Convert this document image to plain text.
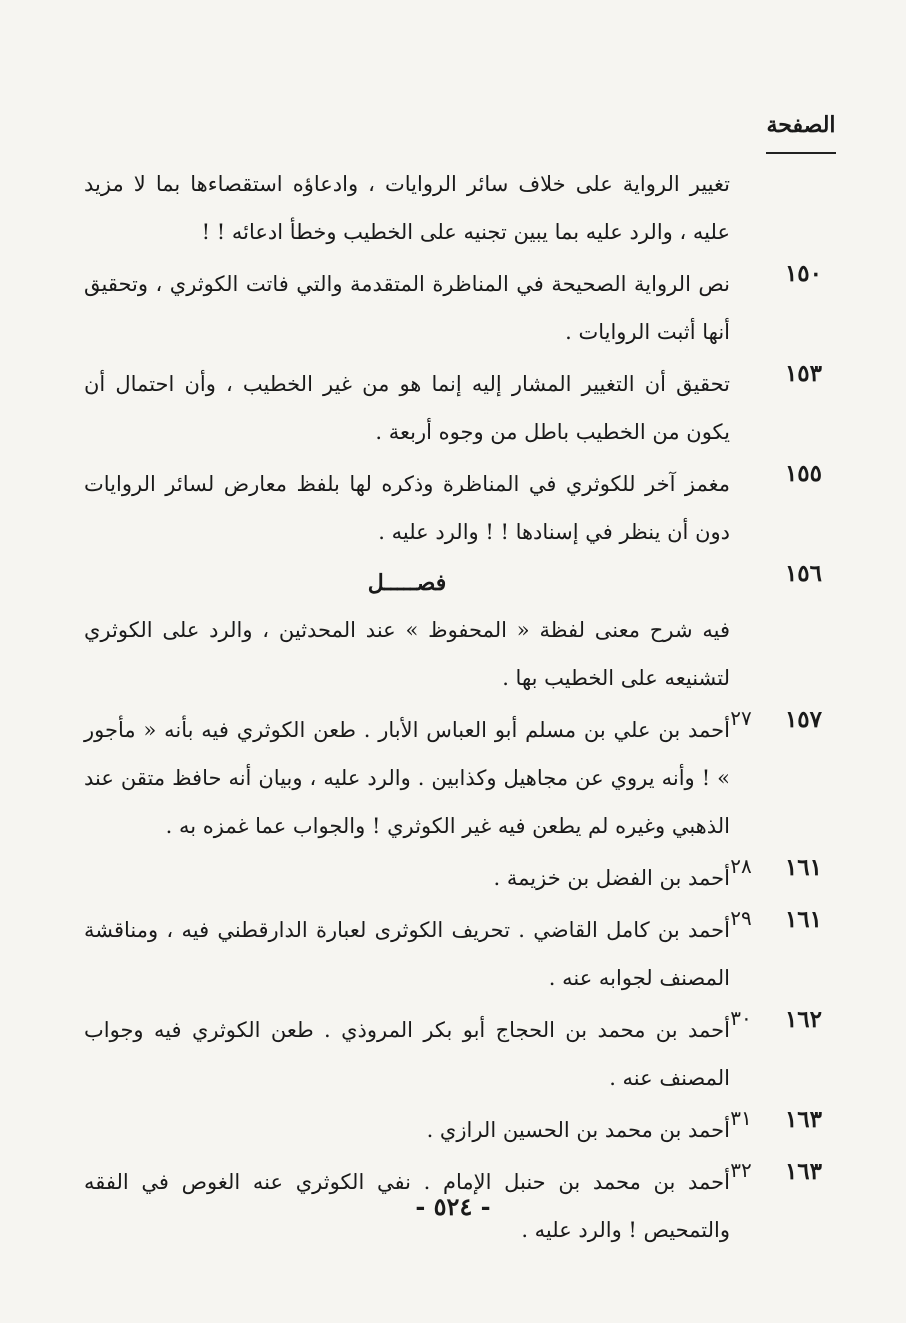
الصفحة
تغيير الرواية على خلاف سائر الروايات ، وادعاؤه استقصاءها بما لا مزيد عليه ، والرد عليه بما يبين تجنيه على الخطيب وخطأ ادعائه ! !
١٥٠
نص الرواية الصحيحة في المناظرة المتقدمة والتي فاتت الكوثري ، وتحقيق أنها أثبت الروايات .
١٥٣
تحقيق أن التغيير المشار إليه إنما هو من غير الخطيب ، وأن احتمال أن يكون من الخطيب باطل من وجوه أربعة .
١٥٥
مغمز آخر للكوثري في المناظرة وذكره لها بلفظ معارض لسائر الروايات دون أن ينظر في إسنادها ! ! والرد عليه .
١٥٦
فصـــــل
فيه شرح معنى لفظة « المحفوظ » عند المحدثين ، والرد على الكوثري لتشنيعه على الخطيب بها .
١٥٧
٢٧
أحمد بن علي بن مسلم أبو العباس الأبار . طعن الكوثري فيه بأنه « مأجور » ! وأنه يروي عن مجاهيل وكذابين . والرد عليه ، وبيان أنه حافظ متقن عند الذهبي وغيره لم يطعن فيه غير الكوثري ! والجواب عما غمزه به .
١٦١
٢٨
أحمد بن الفضل بن خزيمة .
١٦١
٢٩
أحمد بن كامل القاضي . تحريف الكوثرى لعبارة الدارقطني فيه ، ومناقشة المصنف لجوابه عنه .
١٦٢
٣٠
أحمد بن محمد بن الحجاج أبو بكر المروذي . طعن الكوثري فيه وجواب المصنف عنه .
١٦٣
٣١
أحمد بن محمد بن الحسين الرازي .
١٦٣
٣٢
أحمد بن محمد بن حنبل الإمام . نفي الكوثري عنه الغوص في الفقه والتمحيص ! والرد عليه .
- ٥٢٤ -
